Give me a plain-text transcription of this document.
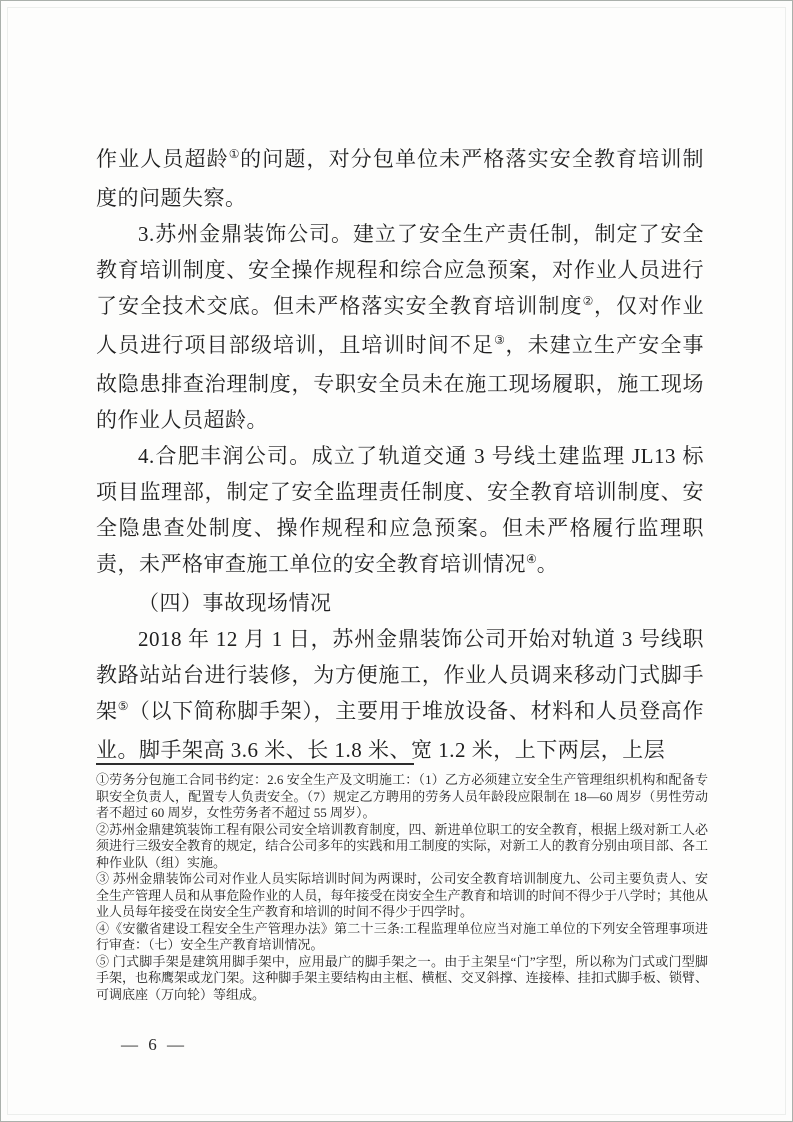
作业人员超龄①的问题，对分包单位未严格落实安全教育培训制度的问题失察。

3.苏州金鼎装饰公司。建立了安全生产责任制，制定了安全教育培训制度、安全操作规程和综合应急预案，对作业人员进行了安全技术交底。但未严格落实安全教育培训制度②，仅对作业人员进行项目部级培训，且培训时间不足③，未建立生产安全事故隐患排查治理制度，专职安全员未在施工现场履职，施工现场的作业人员超龄。

4.合肥丰润公司。成立了轨道交通 3 号线土建监理 JL13 标项目监理部，制定了安全监理责任制度、安全教育培训制度、安全隐患查处制度、操作规程和应急预案。但未严格履行监理职责，未严格审查施工单位的安全教育培训情况④。

（四）事故现场情况

2018 年 12 月 1 日，苏州金鼎装饰公司开始对轨道 3 号线职教路站站台进行装修，为方便施工，作业人员调来移动门式脚手架⑤（以下简称脚手架），主要用于堆放设备、材料和人员登高作业。脚手架高 3.6 米、长 1.8 米、宽 1.2 米，上下两层，上层

①劳务分包施工合同书约定：2.6 安全生产及文明施工：（1）乙方必须建立安全生产管理组织机构和配备专职安全负责人，配置专人负责安全。（7）规定乙方聘用的劳务人员年龄段应限制在 18—60 周岁（男性劳动者不超过 60 周岁，女性劳务者不超过 55 周岁）。

②苏州金鼎建筑装饰工程有限公司安全培训教育制度，四、新进单位职工的安全教育，根据上级对新工人必须进行三级安全教育的规定，结合公司多年的实践和用工制度的实际，对新工人的教育分别由项目部、各工种作业队（组）实施。

③ 苏州金鼎装饰公司对作业人员实际培训时间为两课时，公司安全教育培训制度九、公司主要负责人、安全生产管理人员和从事危险作业的人员，每年接受在岗安全生产教育和培训的时间不得少于八学时；其他从业人员每年接受在岗安全生产教育和培训的时间不得少于四学时。

④《安徽省建设工程安全生产管理办法》第二十三条:工程监理单位应当对施工单位的下列安全管理事项进行审查：（七）安全生产教育培训情况。

⑤ 门式脚手架是建筑用脚手架中，应用最广的脚手架之一。由于主架呈“门”字型，所以称为门式或门型脚手架，也称鹰架或龙门架。这种脚手架主要结构由主框、横框、交叉斜撑、连接棒、挂扣式脚手板、锁臂、可调底座（万向轮）等组成。

— 6 —
